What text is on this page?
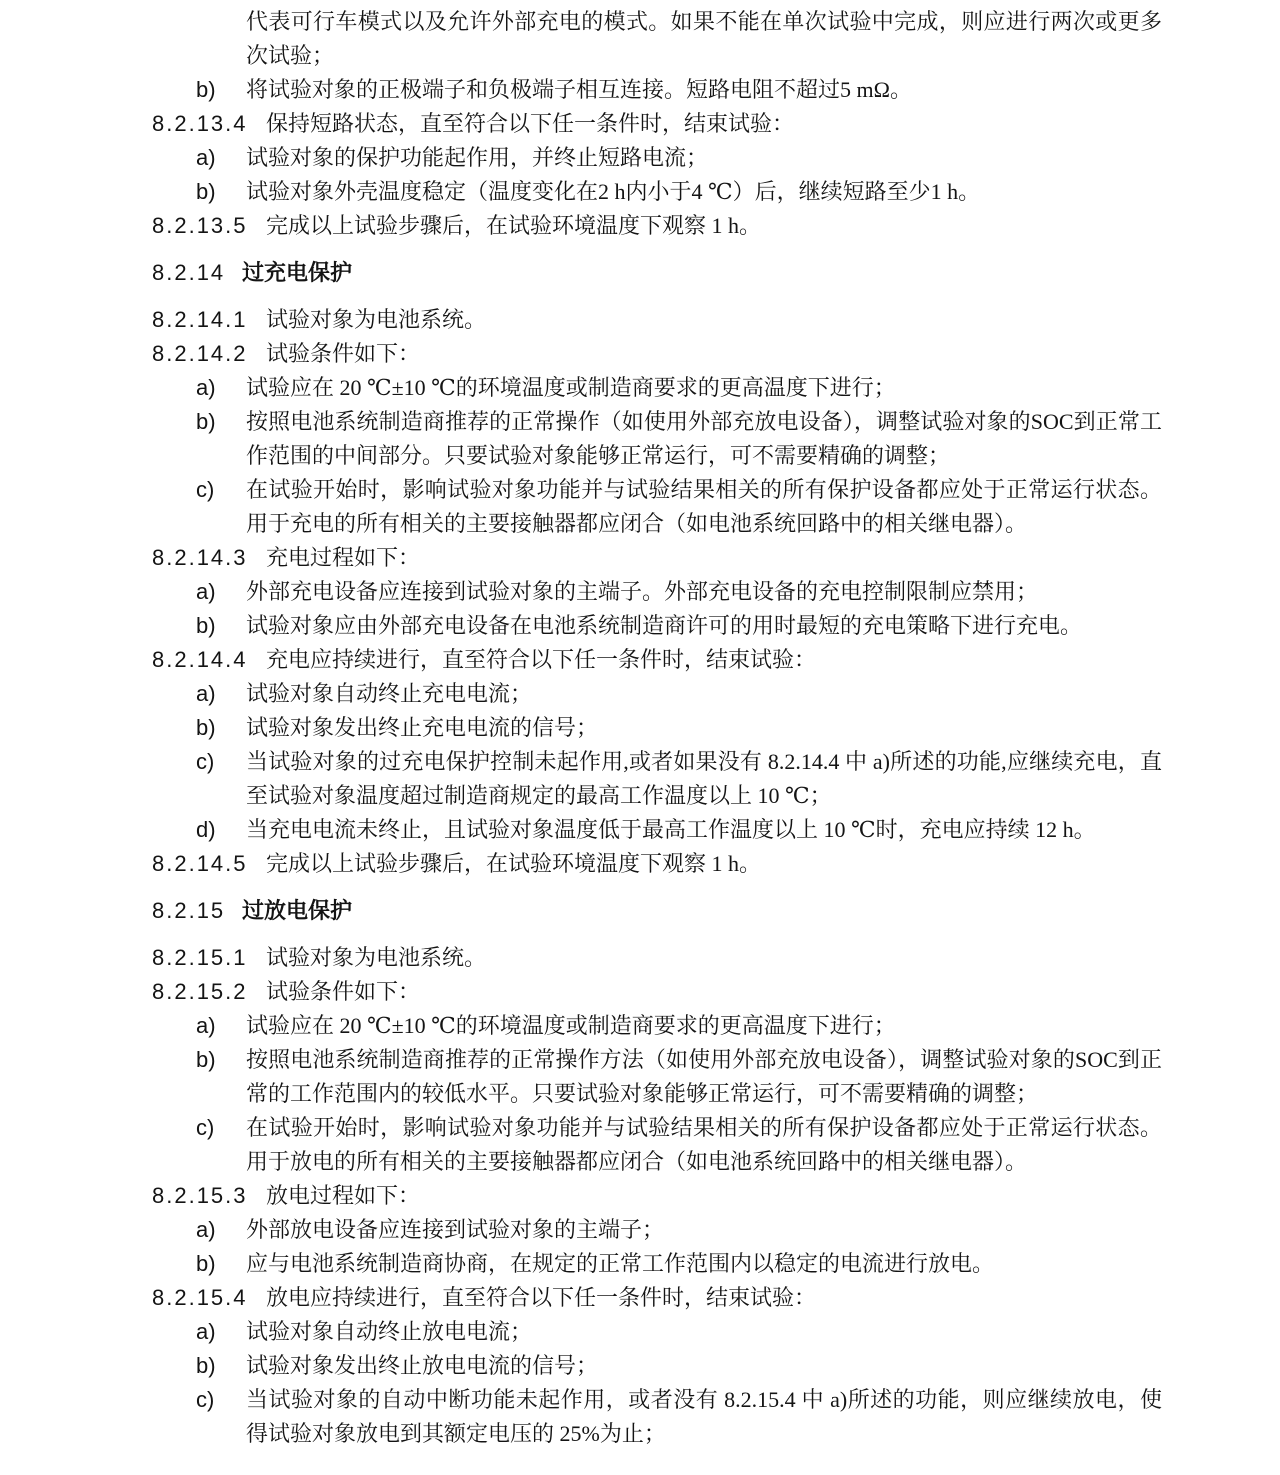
代表可行车模式以及允许外部充电的模式。如果不能在单次试验中完成，则应进行两次或更多次试验；
b)	将试验对象的正极端子和负极端子相互连接。短路电阻不超过5 mΩ。
8.2.13.4 保持短路状态，直至符合以下任一条件时，结束试验：
a)	试验对象的保护功能起作用，并终止短路电流；
b)	试验对象外壳温度稳定（温度变化在2 h内小于4 ℃）后，继续短路至少1 h。
8.2.13.5 完成以上试验步骤后，在试验环境温度下观察 1 h。
8.2.14 过充电保护
8.2.14.1 试验对象为电池系统。
8.2.14.2 试验条件如下：
a)	试验应在 20 ℃±10 ℃的环境温度或制造商要求的更高温度下进行；
b)	按照电池系统制造商推荐的正常操作（如使用外部充放电设备），调整试验对象的SOC到正常工作范围的中间部分。只要试验对象能够正常运行，可不需要精确的调整；
c)	在试验开始时，影响试验对象功能并与试验结果相关的所有保护设备都应处于正常运行状态。用于充电的所有相关的主要接触器都应闭合（如电池系统回路中的相关继电器）。
8.2.14.3 充电过程如下：
a)	外部充电设备应连接到试验对象的主端子。外部充电设备的充电控制限制应禁用；
b)	试验对象应由外部充电设备在电池系统制造商许可的用时最短的充电策略下进行充电。
8.2.14.4 充电应持续进行，直至符合以下任一条件时，结束试验：
a)	试验对象自动终止充电电流；
b)	试验对象发出终止充电电流的信号；
c)	当试验对象的过充电保护控制未起作用,或者如果没有 8.2.14.4 中 a)所述的功能,应继续充电，直至试验对象温度超过制造商规定的最高工作温度以上 10 ℃；
d)	当充电电流未终止，且试验对象温度低于最高工作温度以上 10 ℃时，充电应持续 12 h。
8.2.14.5 完成以上试验步骤后，在试验环境温度下观察 1 h。
8.2.15 过放电保护
8.2.15.1 试验对象为电池系统。
8.2.15.2 试验条件如下：
a)	试验应在 20 ℃±10 ℃的环境温度或制造商要求的更高温度下进行；
b)	按照电池系统制造商推荐的正常操作方法（如使用外部充放电设备），调整试验对象的SOC到正常的工作范围内的较低水平。只要试验对象能够正常运行，可不需要精确的调整；
c)	在试验开始时，影响试验对象功能并与试验结果相关的所有保护设备都应处于正常运行状态。用于放电的所有相关的主要接触器都应闭合（如电池系统回路中的相关继电器）。
8.2.15.3 放电过程如下：
a)	外部放电设备应连接到试验对象的主端子；
b)	应与电池系统制造商协商，在规定的正常工作范围内以稳定的电流进行放电。
8.2.15.4 放电应持续进行，直至符合以下任一条件时，结束试验：
a)	试验对象自动终止放电电流；
b)	试验对象发出终止放电电流的信号；
c)	当试验对象的自动中断功能未起作用，或者没有 8.2.15.4 中 a)所述的功能，则应继续放电，使得试验对象放电到其额定电压的 25%为止；
